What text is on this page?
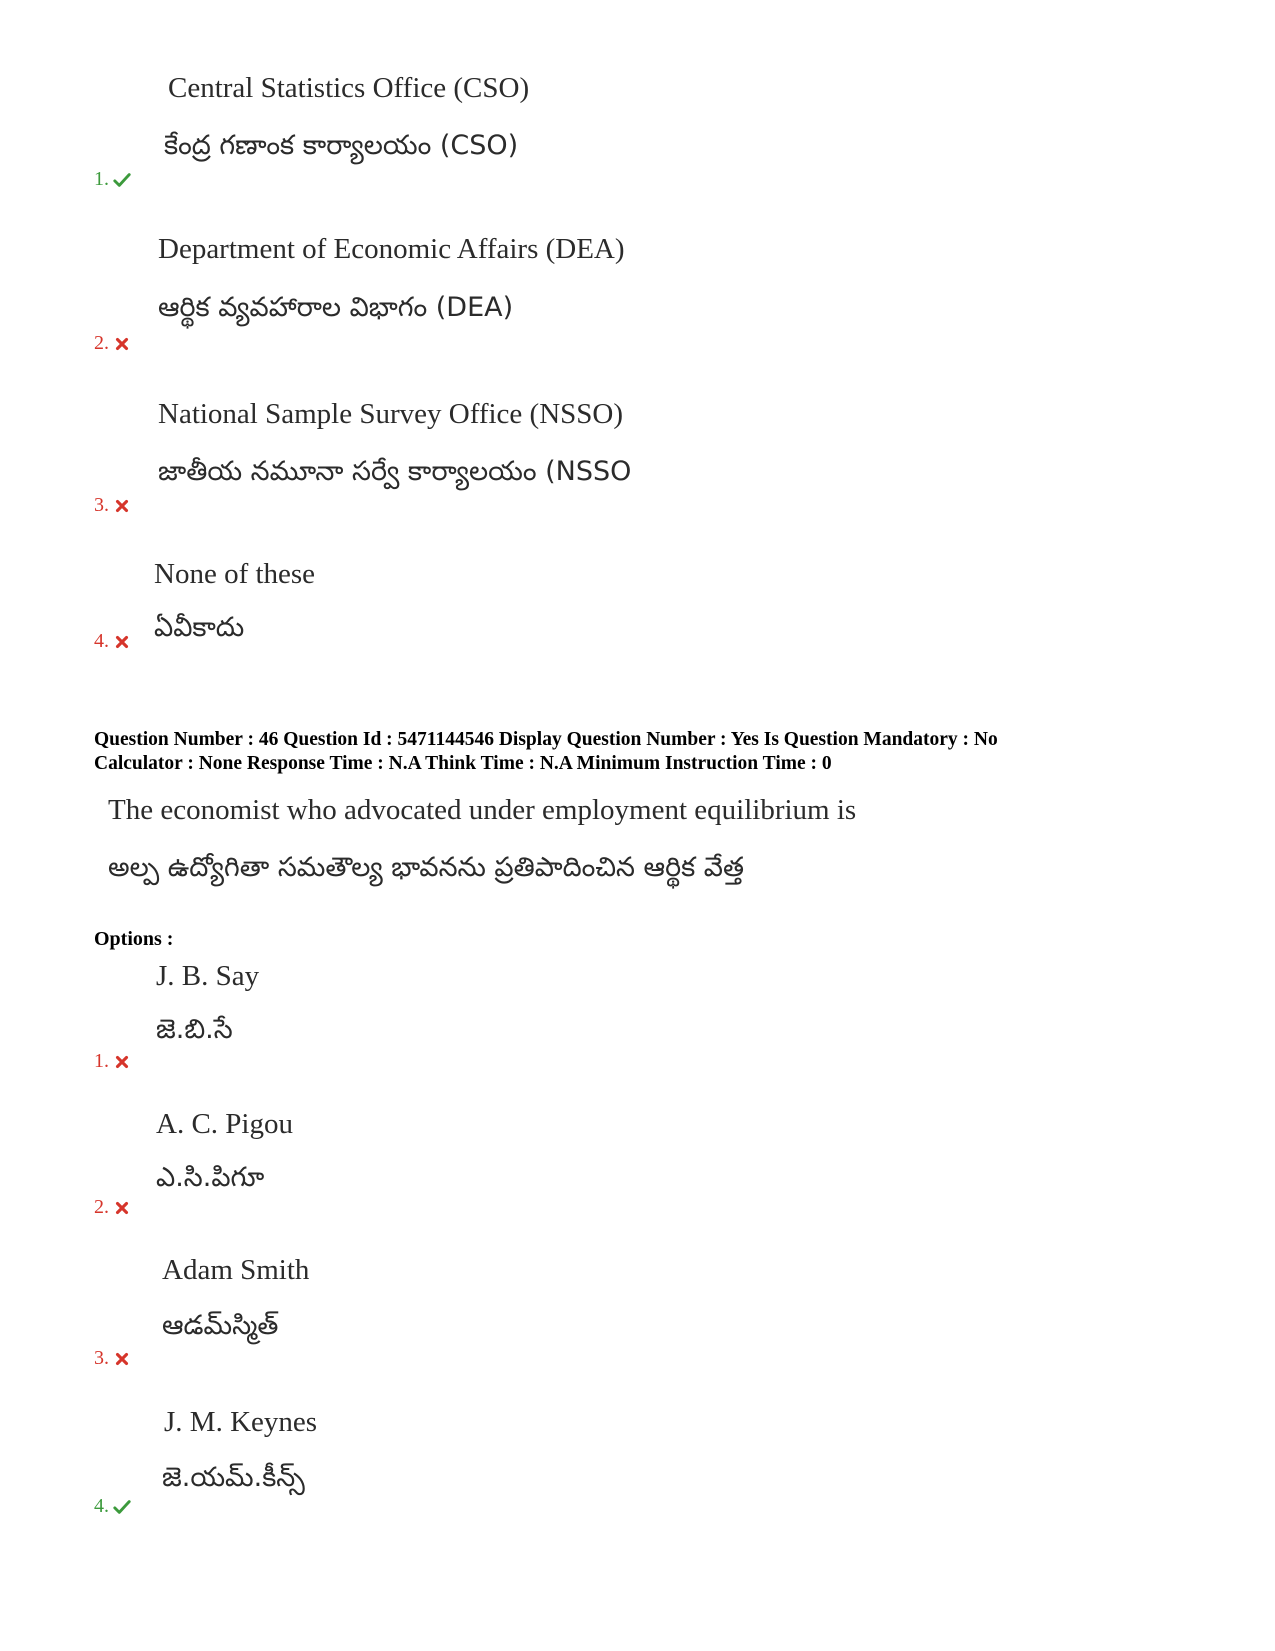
Central Statistics Office (CSO)
కేంద్ర గణాంక కార్యాలయం (CSO)
1.
Department of Economic Affairs (DEA)
ఆర్థిక వ్యవహారాల విభాగం (DEA)
2.
National Sample Survey Office (NSSO)
జాతీయ నమూనా సర్వే కార్యాలయం (NSSO
3.
None of these
ఏవీకాదు
4.
Question Number : 46 Question Id : 5471144546 Display Question Number : Yes Is Question Mandatory : No
Calculator : None Response Time : N.A Think Time : N.A Minimum Instruction Time : 0
The economist who advocated under employment equilibrium is
అల్ప ఉద్యోగితా సమతౌల్య భావనను ప్రతిపాదించిన ఆర్థిక వేత్త
Options :
J. B. Say
జె.బి.సే
1.
A. C. Pigou
ఎ.సి.పిగూ
2.
Adam Smith
ఆడమ్‌స్మిత్
3.
J. M. Keynes
జె.యమ్.కీన్స్
4.
